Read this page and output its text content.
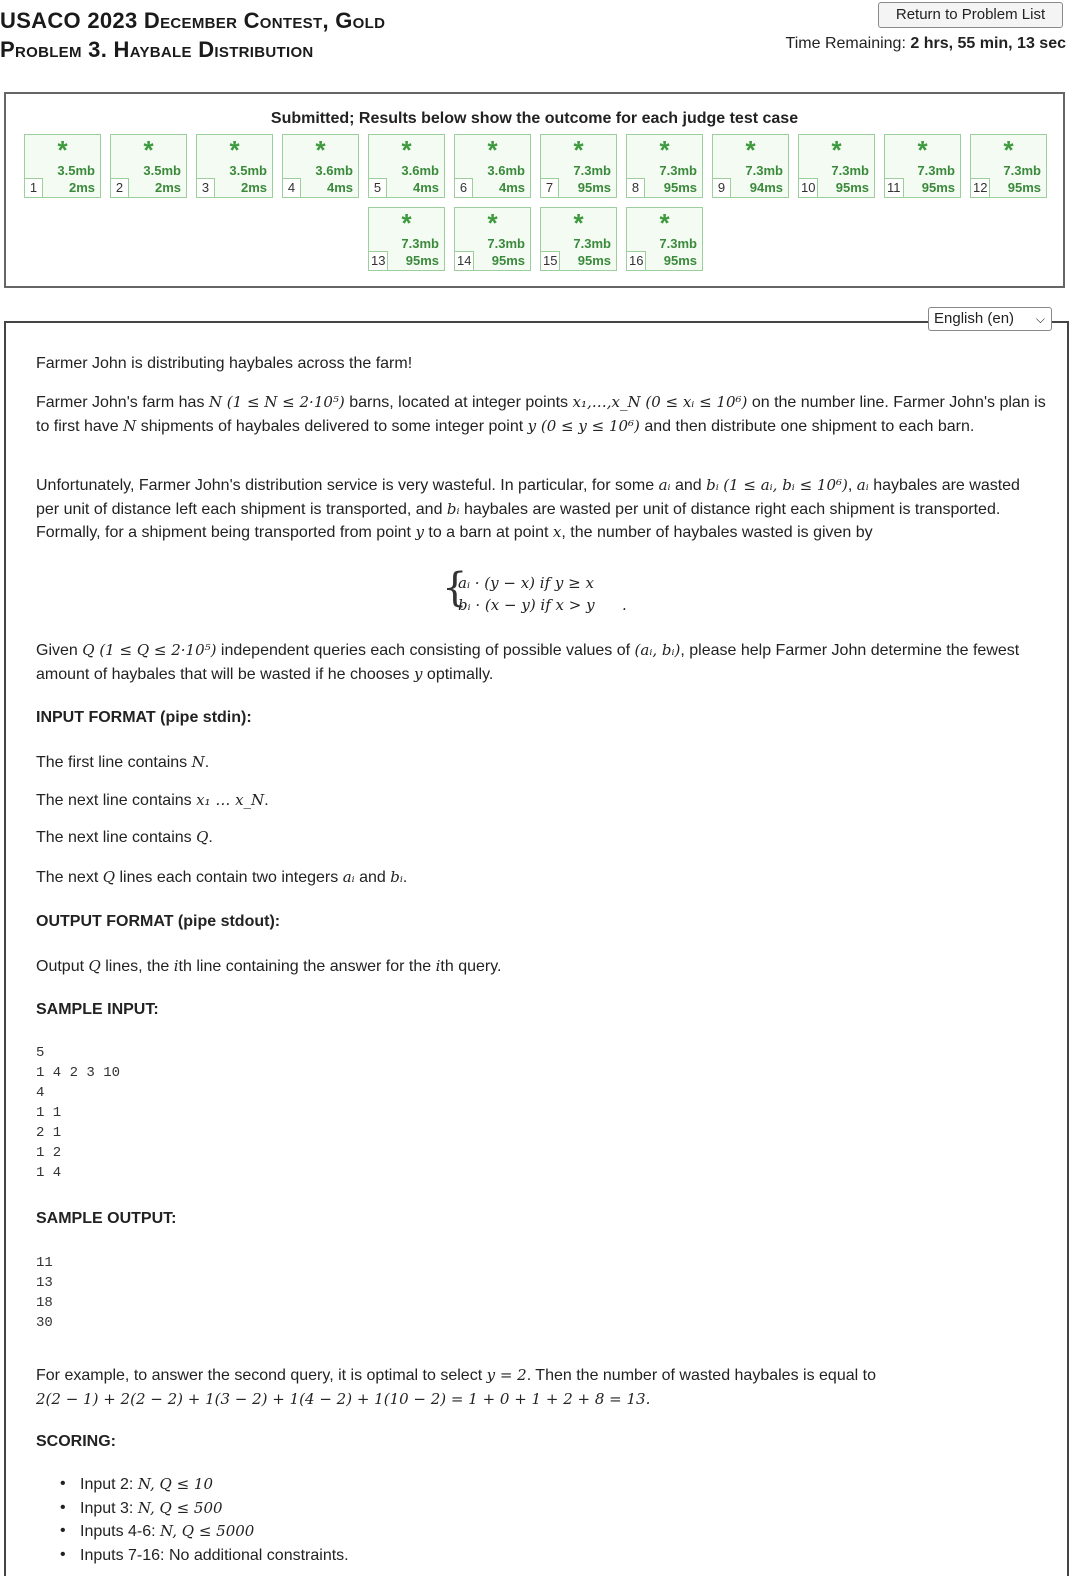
USACO 2023 December Contest, Gold
Problem 3. Haybale Distribution
Return to Problem List
Time Remaining: 2 hrs, 55 min, 13 sec
Submitted; Results below show the outcome for each judge test case
*
3.5mb
2ms
1
*
3.5mb
2ms
2
*
3.5mb
2ms
3
*
3.6mb
4ms
4
*
3.6mb
4ms
5
*
3.6mb
4ms
6
*
7.3mb
95ms
7
*
7.3mb
95ms
8
*
7.3mb
94ms
9
*
7.3mb
95ms
10
*
7.3mb
95ms
11
*
7.3mb
95ms
12
*
7.3mb
95ms
13
*
7.3mb
95ms
14
*
7.3mb
95ms
15
*
7.3mb
95ms
16
Farmer John is distributing haybales across the farm!
Farmer John's farm has N (1 ≤ N ≤ 2·10⁵) barns, located at integer points x₁,…,x_N (0 ≤ xᵢ ≤ 10⁶) on the number line. Farmer John's plan is to first have N shipments of haybales delivered to some integer point y (0 ≤ y ≤ 10⁶) and then distribute one shipment to each barn.
Unfortunately, Farmer John's distribution service is very wasteful. In particular, for some aᵢ and bᵢ (1 ≤ aᵢ, bᵢ ≤ 10⁶), aᵢ haybales are wasted per unit of distance left each shipment is transported, and bᵢ haybales are wasted per unit of distance right each shipment is transported. Formally, for a shipment being transported from point y to a barn at point x, the number of haybales wasted is given by
Given Q (1 ≤ Q ≤ 2·10⁵) independent queries each consisting of possible values of (aᵢ, bᵢ), please help Farmer John determine the fewest amount of haybales that will be wasted if he chooses y optimally.
INPUT FORMAT (pipe stdin):
The first line contains N.
The next line contains x₁ … x_N.
The next line contains Q.
The next Q lines each contain two integers aᵢ and bᵢ.
OUTPUT FORMAT (pipe stdout):
Output Q lines, the ith line containing the answer for the ith query.
SAMPLE INPUT:
5
1 4 2 3 10
4
1 1
2 1
1 2
1 4
SAMPLE OUTPUT:
11
13
18
30
For example, to answer the second query, it is optimal to select y = 2. Then the number of wasted haybales is equal to
2(2 − 1) + 2(2 − 2) + 1(3 − 2) + 1(4 − 2) + 1(10 − 2) = 1 + 0 + 1 + 2 + 8 = 13.
SCORING:
{
aᵢ · (y − x) if y ≥ x
bᵢ · (x − y) if x > y .
English (en) ⌵
• Input 2: N, Q ≤ 10
• Input 3: N, Q ≤ 500
• Inputs 4-6: N, Q ≤ 5000
• Inputs 7-16: No additional constraints.
